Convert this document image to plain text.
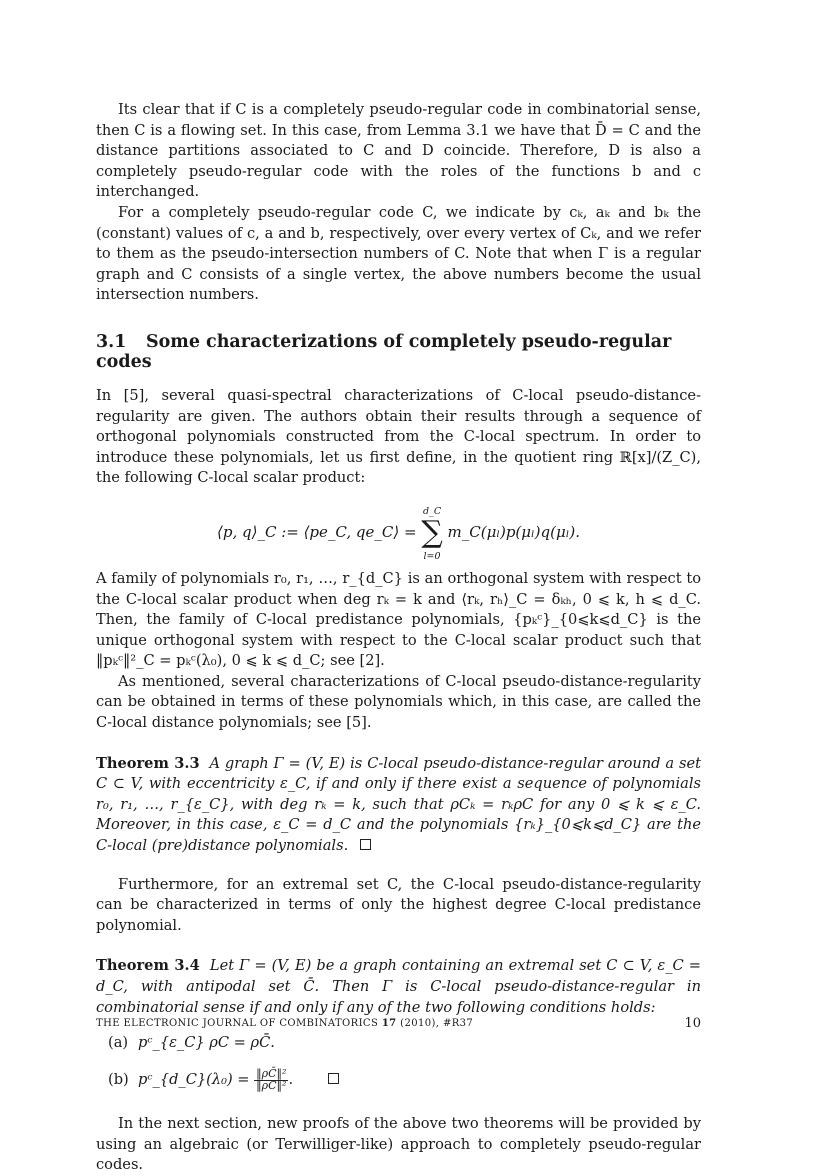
Its clear that if C is a completely pseudo-regular code in combinatorial sense, then C is a flowing set. In this case, from Lemma 3.1 we have that D̄ = C and the distance partitions associated to C and D coincide. Therefore, D is also a completely pseudo-regular code with the roles of the functions b and c interchanged.

For a completely pseudo-regular code C, we indicate by cₖ, aₖ and bₖ the (constant) values of c, a and b, respectively, over every vertex of Cₖ, and we refer to them as the pseudo-intersection numbers of C. Note that when Γ is a regular graph and C consists of a single vertex, the above numbers become the usual intersection numbers.

3.1 Some characterizations of completely pseudo-regular codes

In [5], several quasi-spectral characterizations of C-local pseudo-distance-regularity are given. The authors obtain their results through a sequence of orthogonal polynomials constructed from the C-local spectrum. In order to introduce these polynomials, let us first define, in the quotient ring ℝ[x]/(Z_C), the following C-local scalar product:

⟨p, q⟩_C := ⟨pe_C, qe_C⟩ = d_C
∑
l=0 m_C(μₗ)p(μₗ)q(μₗ).

A family of polynomials r₀, r₁, …, r_{d_C} is an orthogonal system with respect to the C-local scalar product when deg rₖ = k and ⟨rₖ, rₕ⟩_C = δₖₕ, 0 ⩽ k, h ⩽ d_C. Then, the family of C-local predistance polynomials, {pₖᶜ}_{0⩽k⩽d_C} is the unique orthogonal system with respect to the C-local scalar product such that ‖pₖᶜ‖²_C = pₖᶜ(λ₀), 0 ⩽ k ⩽ d_C; see [2].

As mentioned, several characterizations of C-local pseudo-distance-regularity can be obtained in terms of these polynomials which, in this case, are called the C-local distance polynomials; see [5].

Theorem 3.3 A graph Γ = (V, E) is C-local pseudo-distance-regular around a set C ⊂ V, with eccentricity ε_C, if and only if there exist a sequence of polynomials r₀, r₁, …, r_{ε_C}, with deg rₖ = k, such that ρCₖ = rₖρC for any 0 ⩽ k ⩽ ε_C. Moreover, in this case, ε_C = d_C and the polynomials {rₖ}_{0⩽k⩽d_C} are the C-local (pre)distance polynomials.

Furthermore, for an extremal set C, the C-local pseudo-distance-regularity can be characterized in terms of only the highest degree C-local predistance polynomial.

Theorem 3.4 Let Γ = (V, E) be a graph containing an extremal set C ⊂ V, ε_C = d_C, with antipodal set C̄. Then Γ is C-local pseudo-distance-regular in combinatorial sense if and only if any of the two following conditions holds:

(a) pᶜ_{ε_C} ρC = ρC̄.
(b) pᶜ_{d_C}(λ₀) = $\frac{\text{‖ρC̄‖²}}{\text{‖ρC‖²}}$.

In the next section, new proofs of the above two theorems will be provided by using an algebraic (or Terwilliger-like) approach to completely pseudo-regular codes.

THE ELECTRONIC JOURNAL OF COMBINATORICS 17 (2010), #R37	10
